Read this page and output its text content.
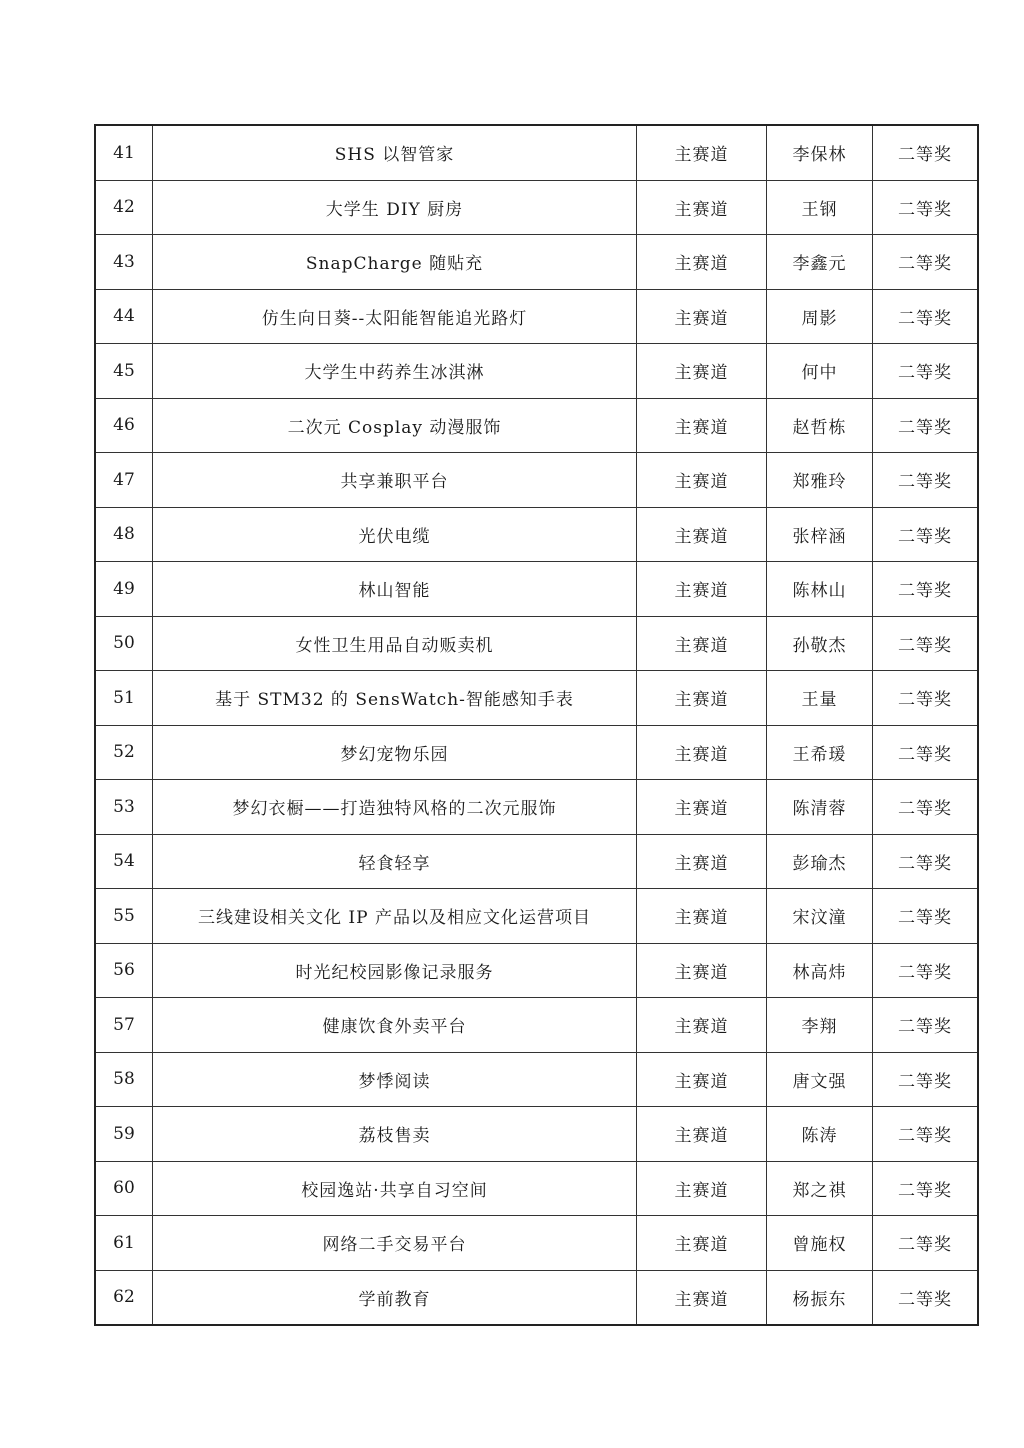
41	SHS 以智管家	主赛道	李保林	二等奖
42	大学生 DIY 厨房	主赛道	王钢	二等奖
43	SnapCharge 随贴充	主赛道	李鑫元	二等奖
44	仿生向日葵--太阳能智能追光路灯	主赛道	周影	二等奖
45	大学生中药养生冰淇淋	主赛道	何中	二等奖
46	二次元 Cosplay 动漫服饰	主赛道	赵哲栋	二等奖
47	共享兼职平台	主赛道	郑雅玲	二等奖
48	光伏电缆	主赛道	张梓涵	二等奖
49	林山智能	主赛道	陈林山	二等奖
50	女性卫生用品自动贩卖机	主赛道	孙敬杰	二等奖
51	基于 STM32 的 SensWatch-智能感知手表	主赛道	王量	二等奖
52	梦幻宠物乐园	主赛道	王希瑗	二等奖
53	梦幻衣橱——打造独特风格的二次元服饰	主赛道	陈清蓉	二等奖
54	轻食轻享	主赛道	彭瑜杰	二等奖
55	三线建设相关文化 IP 产品以及相应文化运营项目	主赛道	宋汶潼	二等奖
56	时光纪校园影像记录服务	主赛道	林高炜	二等奖
57	健康饮食外卖平台	主赛道	李翔	二等奖
58	梦悸阅读	主赛道	唐文强	二等奖
59	荔枝售卖	主赛道	陈涛	二等奖
60	校园逸站·共享自习空间	主赛道	郑之祺	二等奖
61	网络二手交易平台	主赛道	曾施权	二等奖
62	学前教育	主赛道	杨振东	二等奖
